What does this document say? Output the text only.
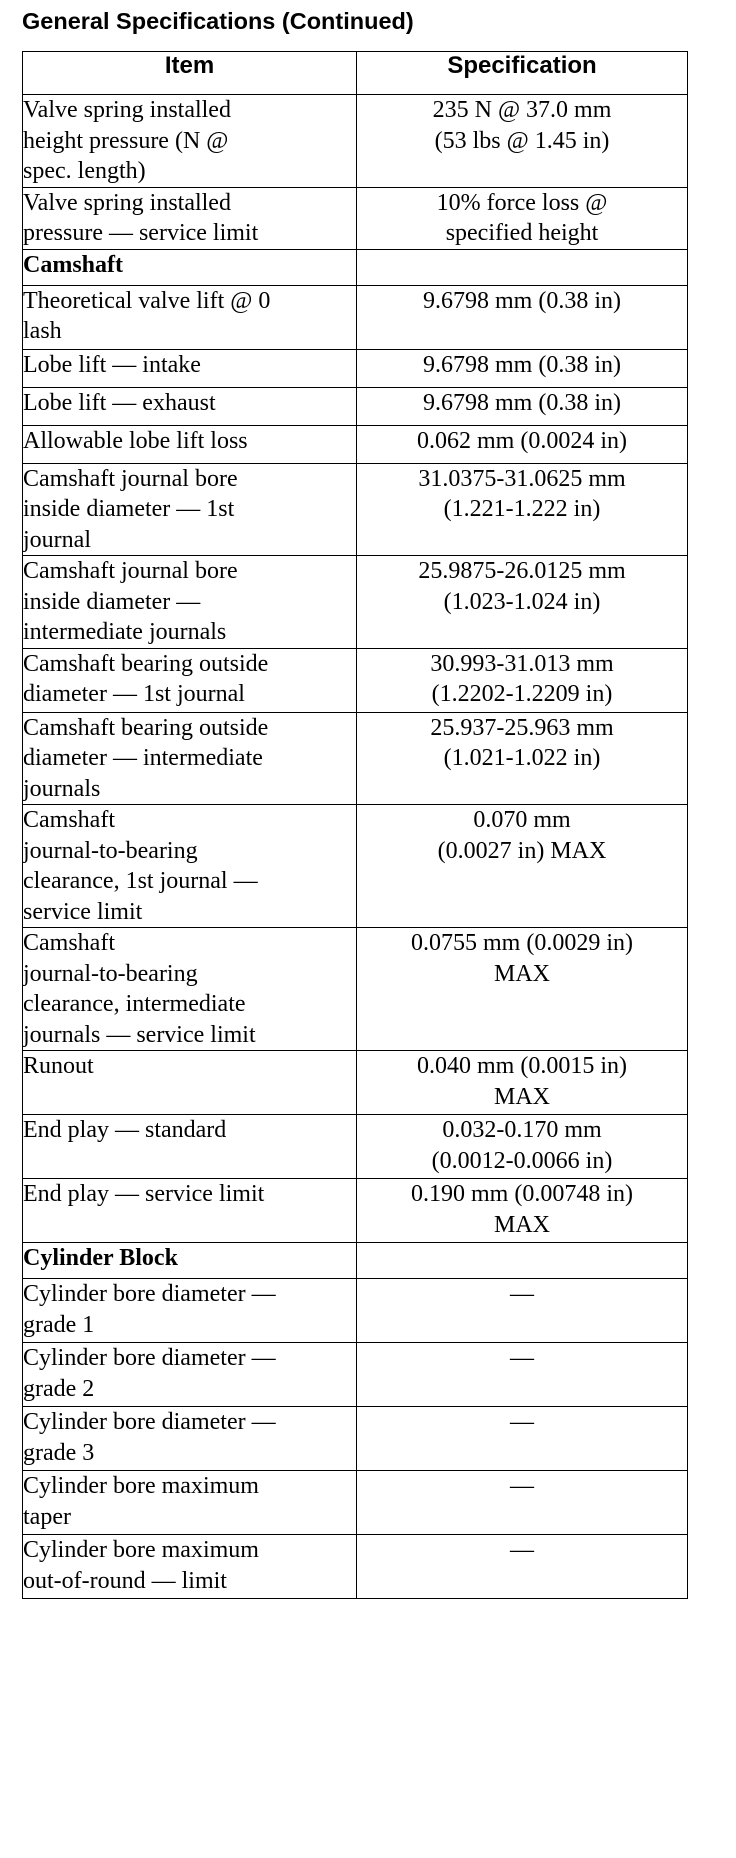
General Specifications (Continued)
Item	Specification

Valve spring installed
height pressure (N @
spec. length)	235 N @ 37.0 mm
(53 lbs @ 1.45 in)

Valve spring installed
pressure — service limit	10% force loss @
specified height

Camshaft	

Theoretical valve lift @ 0
lash	9.6798 mm (0.38 in)

Lobe lift — intake	9.6798 mm (0.38 in)

Lobe lift — exhaust	9.6798 mm (0.38 in)

Allowable lobe lift loss	0.062 mm (0.0024 in)

Camshaft journal bore
inside diameter — 1st
journal	31.0375-31.0625 mm
(1.221-1.222 in)

Camshaft journal bore
inside diameter —
intermediate journals	25.9875-26.0125 mm
(1.023-1.024 in)

Camshaft bearing outside
diameter — 1st journal	30.993-31.013 mm
(1.2202-1.2209 in)

Camshaft bearing outside
diameter — intermediate
journals	25.937-25.963 mm
(1.021-1.022 in)

Camshaft
journal-to-bearing
clearance, 1st journal —
service limit	0.070 mm
(0.0027 in) MAX

Camshaft
journal-to-bearing
clearance, intermediate
journals — service limit	0.0755 mm (0.0029 in)
MAX

Runout	0.040 mm (0.0015 in)
MAX

End play — standard	0.032-0.170 mm
(0.0012-0.0066 in)

End play — service limit	0.190 mm (0.00748 in)
MAX

Cylinder Block	

Cylinder bore diameter —
grade 1	—

Cylinder bore diameter —
grade 2	—

Cylinder bore diameter —
grade 3	—

Cylinder bore maximum
taper	—

Cylinder bore maximum
out-of-round — limit	—
